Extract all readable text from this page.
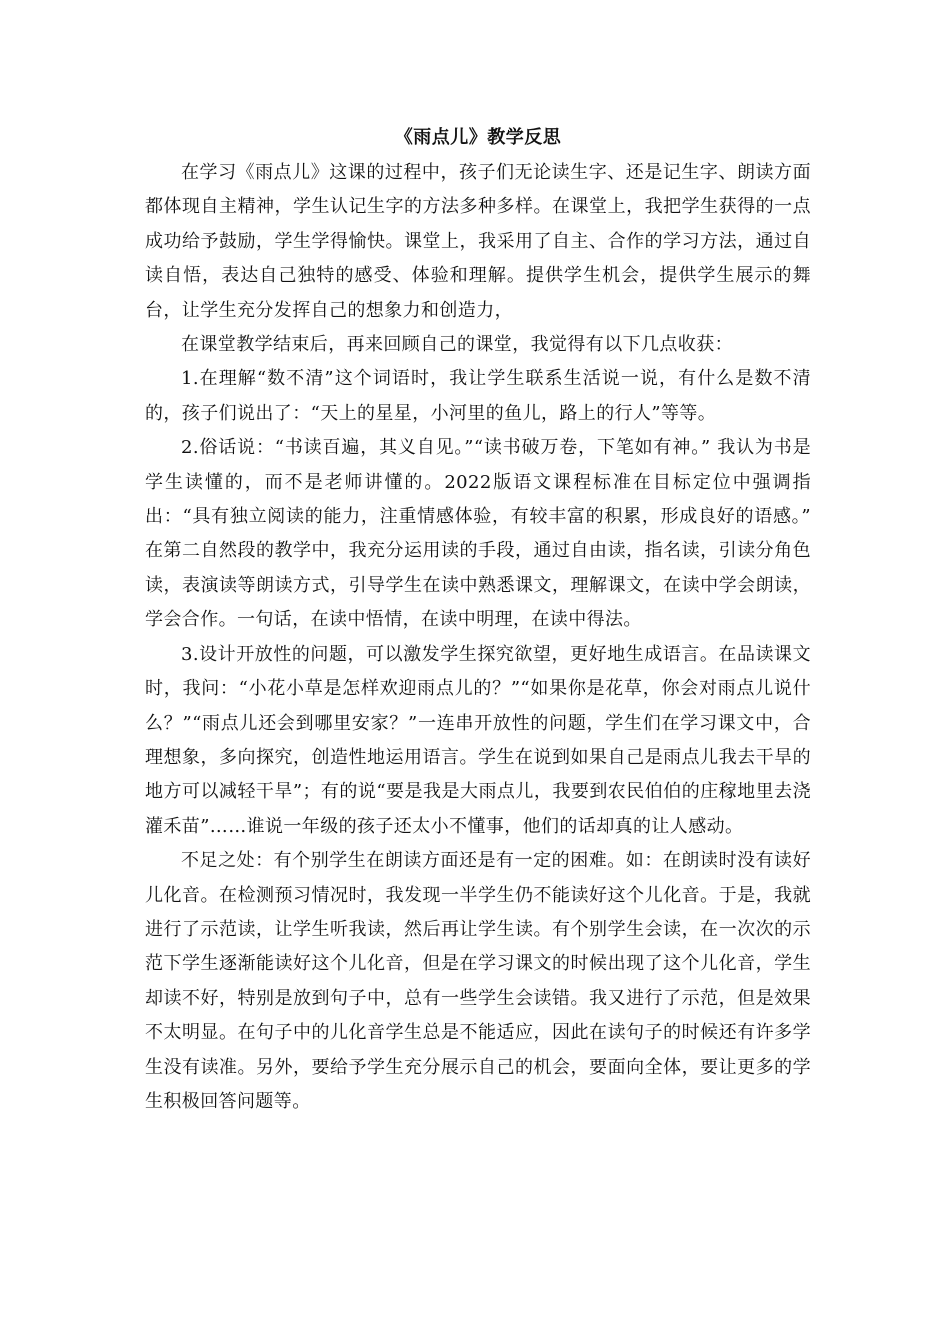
《雨点儿》教学反思

在学习《雨点儿》这课的过程中，孩子们无论读生字、还是记生字、朗读方面都体现自主精神，学生认记生字的方法多种多样。在课堂上，我把学生获得的一点成功给予鼓励，学生学得愉快。课堂上，我采用了自主、合作的学习方法，通过自读自悟，表达自己独特的感受、体验和理解。提供学生机会，提供学生展示的舞台，让学生充分发挥自己的想象力和创造力，

在课堂教学结束后，再来回顾自己的课堂，我觉得有以下几点收获：

1.在理解“数不清”这个词语时，我让学生联系生活说一说，有什么是数不清的，孩子们说出了：“天上的星星，小河里的鱼儿，路上的行人”等等。

2.俗话说：“书读百遍，其义自见。”“读书破万卷，下笔如有神。” 我认为书是学生读懂的，而不是老师讲懂的。2022版语文课程标准在目标定位中强调指出：“具有独立阅读的能力，注重情感体验，有较丰富的积累，形成良好的语感。” 在第二自然段的教学中，我充分运用读的手段，通过自由读，指名读，引读分角色读，表演读等朗读方式，引导学生在读中熟悉课文，理解课文，在读中学会朗读，学会合作。一句话，在读中悟情，在读中明理，在读中得法。

3.设计开放性的问题，可以激发学生探究欲望，更好地生成语言。在品读课文时，我问：“小花小草是怎样欢迎雨点儿的？”“如果你是花草，你会对雨点儿说什么？”“雨点儿还会到哪里安家？”一连串开放性的问题，学生们在学习课文中，合理想象，多向探究，创造性地运用语言。学生在说到如果自己是雨点儿我去干旱的地方可以减轻干旱”；有的说“要是我是大雨点儿，我要到农民伯伯的庄稼地里去浇灌禾苗”……谁说一年级的孩子还太小不懂事，他们的话却真的让人感动。

不足之处：有个别学生在朗读方面还是有一定的困难。如：在朗读时没有读好儿化音。在检测预习情况时，我发现一半学生仍不能读好这个儿化音。于是，我就进行了示范读，让学生听我读，然后再让学生读。有个别学生会读，在一次次的示范下学生逐渐能读好这个儿化音，但是在学习课文的时候出现了这个儿化音，学生却读不好，特别是放到句子中，总有一些学生会读错。我又进行了示范，但是效果不太明显。在句子中的儿化音学生总是不能适应，因此在读句子的时候还有许多学生没有读准。另外，要给予学生充分展示自己的机会，要面向全体，要让更多的学生积极回答问题等。
